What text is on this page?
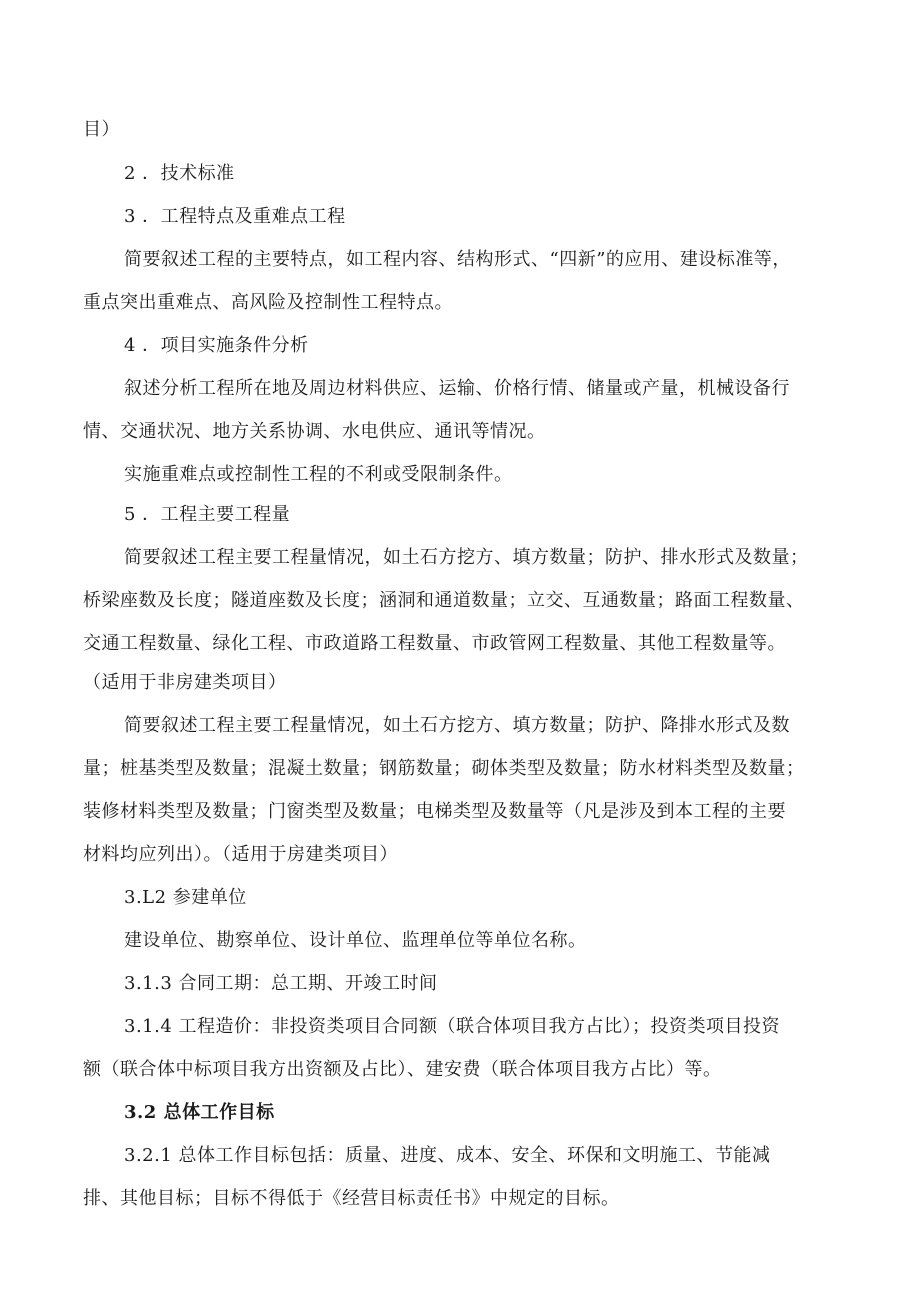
目）
2 ．技术标准
3 ．工程特点及重难点工程
简要叙述工程的主要特点，如工程内容、结构形式、“四新”的应用、建设标准等，
重点突出重难点、高风险及控制性工程特点。
4 ．项目实施条件分析
叙述分析工程所在地及周边材料供应、运输、价格行情、储量或产量，机械设备行
情、交通状况、地方关系协调、水电供应、通讯等情况。
实施重难点或控制性工程的不利或受限制条件。
5 ．工程主要工程量
简要叙述工程主要工程量情况，如土石方挖方、填方数量；防护、排水形式及数量；
桥梁座数及长度；隧道座数及长度；涵洞和通道数量；立交、互通数量；路面工程数量、
交通工程数量、绿化工程、市政道路工程数量、市政管网工程数量、其他工程数量等。
（适用于非房建类项目）
简要叙述工程主要工程量情况，如土石方挖方、填方数量；防护、降排水形式及数
量；桩基类型及数量；混凝土数量；钢筋数量；砌体类型及数量；防水材料类型及数量；
装修材料类型及数量；门窗类型及数量；电梯类型及数量等（凡是涉及到本工程的主要
材料均应列出）。（适用于房建类项目）
3.L2 参建单位
建设单位、勘察单位、设计单位、监理单位等单位名称。
3.1.3 合同工期：总工期、开竣工时间
3.1.4 工程造价：非投资类项目合同额（联合体项目我方占比）；投资类项目投资
额（联合体中标项目我方出资额及占比）、建安费（联合体项目我方占比）等。
3.2 总体工作目标
3.2.1 总体工作目标包括：质量、进度、成本、安全、环保和文明施工、节能减
排、其他目标；目标不得低于《经营目标责任书》中规定的目标。
